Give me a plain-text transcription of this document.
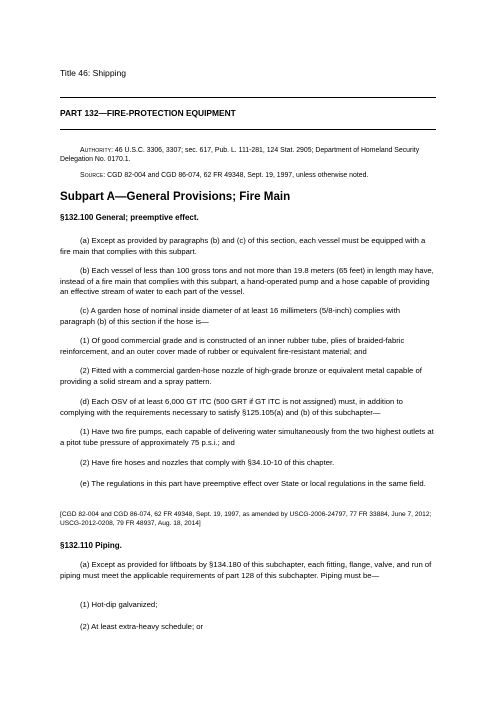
Title 46: Shipping
PART 132—FIRE-PROTECTION EQUIPMENT
Authority: 46 U.S.C. 3306, 3307; sec. 617, Pub. L. 111-281, 124 Stat. 2905; Department of Homeland Security Delegation No. 0170.1.
Source: CGD 82-004 and CGD 86-074, 62 FR 49348, Sept. 19, 1997, unless otherwise noted.
Subpart A—General Provisions; Fire Main
§132.100 General; preemptive effect.
(a) Except as provided by paragraphs (b) and (c) of this section, each vessel must be equipped with a fire main that complies with this subpart.
(b) Each vessel of less than 100 gross tons and not more than 19.8 meters (65 feet) in length may have, instead of a fire main that complies with this subpart, a hand-operated pump and a hose capable of providing an effective stream of water to each part of the vessel.
(c) A garden hose of nominal inside diameter of at least 16 millimeters (5/8-inch) complies with paragraph (b) of this section if the hose is—
(1) Of good commercial grade and is constructed of an inner rubber tube, plies of braided-fabric reinforcement, and an outer cover made of rubber or equivalent fire-resistant material; and
(2) Fitted with a commercial garden-hose nozzle of high-grade bronze or equivalent metal capable of providing a solid stream and a spray pattern.
(d) Each OSV of at least 6,000 GT ITC (500 GRT if GT ITC is not assigned) must, in addition to complying with the requirements necessary to satisfy §125.105(a) and (b) of this subchapter—
(1) Have two fire pumps, each capable of delivering water simultaneously from the two highest outlets at a pitot tube pressure of approximately 75 p.s.i.; and
(2) Have fire hoses and nozzles that comply with §34.10-10 of this chapter.
(e) The regulations in this part have preemptive effect over State or local regulations in the same field.
[CGD 82-004 and CGD 86-074, 62 FR 49348, Sept. 19, 1997, as amended by USCG-2006-24797, 77 FR 33884, June 7, 2012; USCG-2012-0208, 79 FR 48937, Aug. 18, 2014]
§132.110 Piping.
(a) Except as provided for liftboats by §134.180 of this subchapter, each fitting, flange, valve, and run of piping must meet the applicable requirements of part 128 of this subchapter. Piping must be—
(1) Hot-dip galvanized;
(2) At least extra-heavy schedule; or
